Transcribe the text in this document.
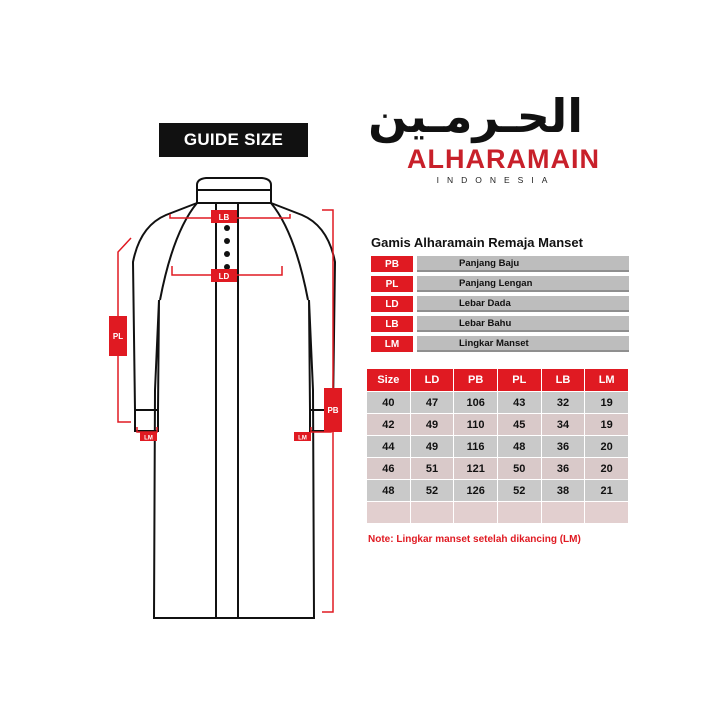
GUIDE SIZE	الحـرمـين
ALHARAMAIN
INDONESIA
LB
LD
PL
PB
LM	LM
Gamis Alharamain Remaja Manset
PB	Panjang Baju
PL	Panjang Lengan
LD	Lebar Dada
LB	Lebar Bahu
LM	Lingkar Manset
Size	LD	PB	PL	LB	LM
40	47	106	43	32	19
42	49	110	45	34	19
44	49	116	48	36	20
46	51	121	50	36	20
48	52	126	52	38	21

Note: Lingkar manset setelah dikancing (LM)
